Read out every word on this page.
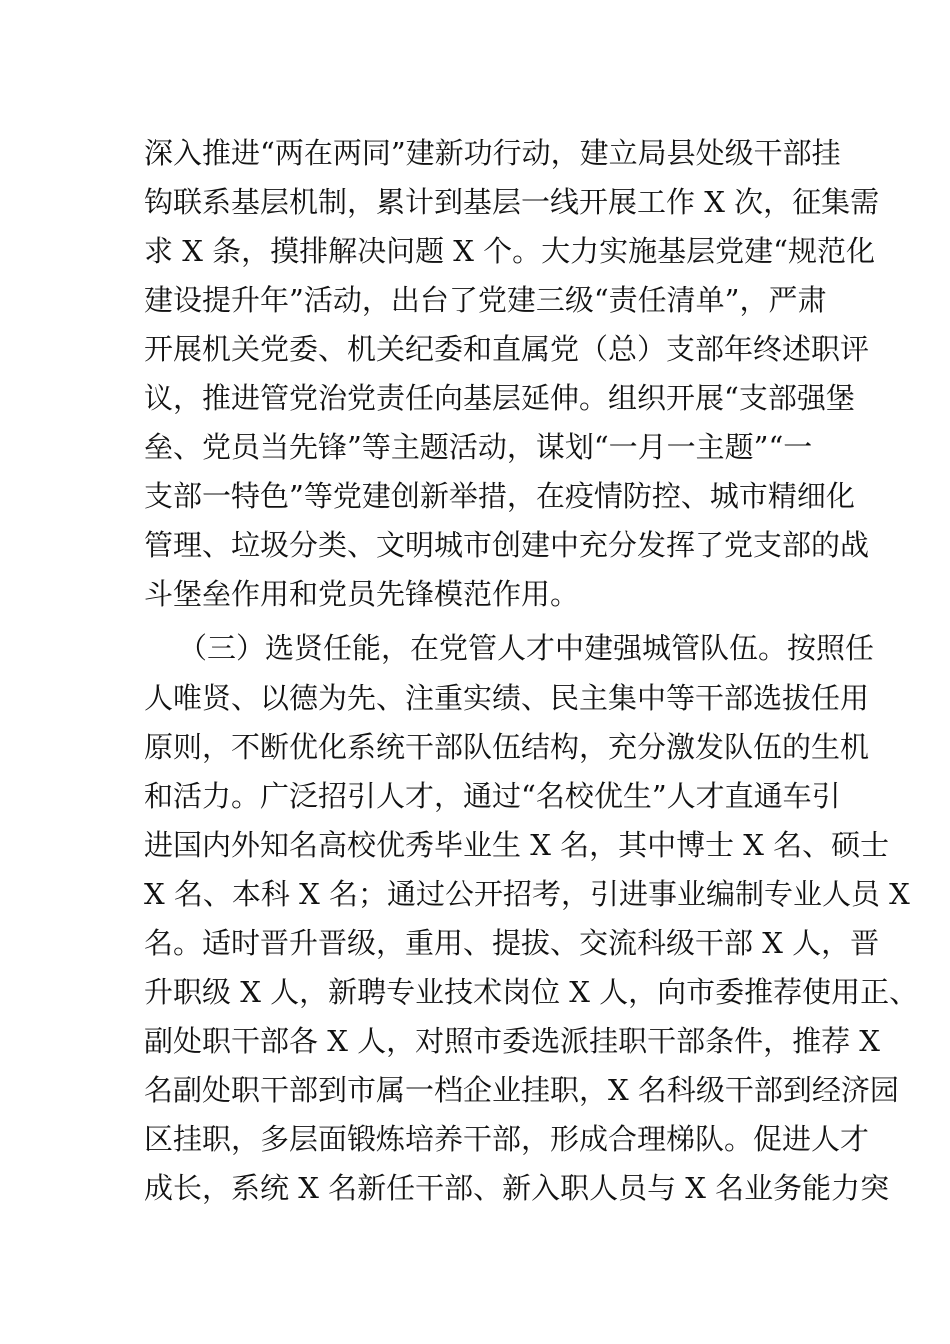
深入推进“两在两同”建新功行动，建立局县处级干部挂
钩联系基层机制，累计到基层一线开展工作 X 次，征集需
求 X 条，摸排解决问题 X 个。大力实施基层党建“规范化
建设提升年”活动，出台了党建三级“责任清单”，严肃
开展机关党委、机关纪委和直属党（总）支部年终述职评
议，推进管党治党责任向基层延伸。组织开展“支部强堡
垒、党员当先锋”等主题活动，谋划“一月一主题”“一
支部一特色”等党建创新举措，在疫情防控、城市精细化
管理、垃圾分类、文明城市创建中充分发挥了党支部的战
斗堡垒作用和党员先锋模范作用。
（三）选贤任能，在党管人才中建强城管队伍。按照任
人唯贤、以德为先、注重实绩、民主集中等干部选拔任用
原则，不断优化系统干部队伍结构，充分激发队伍的生机
和活力。广泛招引人才，通过“名校优生”人才直通车引
进国内外知名高校优秀毕业生 X 名，其中博士 X 名、硕士
X 名、本科 X 名；通过公开招考，引进事业编制专业人员 X
名。适时晋升晋级，重用、提拔、交流科级干部 X 人，晋
升职级 X 人，新聘专业技术岗位 X 人，向市委推荐使用正、
副处职干部各 X 人，对照市委选派挂职干部条件，推荐 X
名副处职干部到市属一档企业挂职，X 名科级干部到经济园
区挂职，多层面锻炼培养干部，形成合理梯队。促进人才
成长，系统 X 名新任干部、新入职人员与 X 名业务能力突
